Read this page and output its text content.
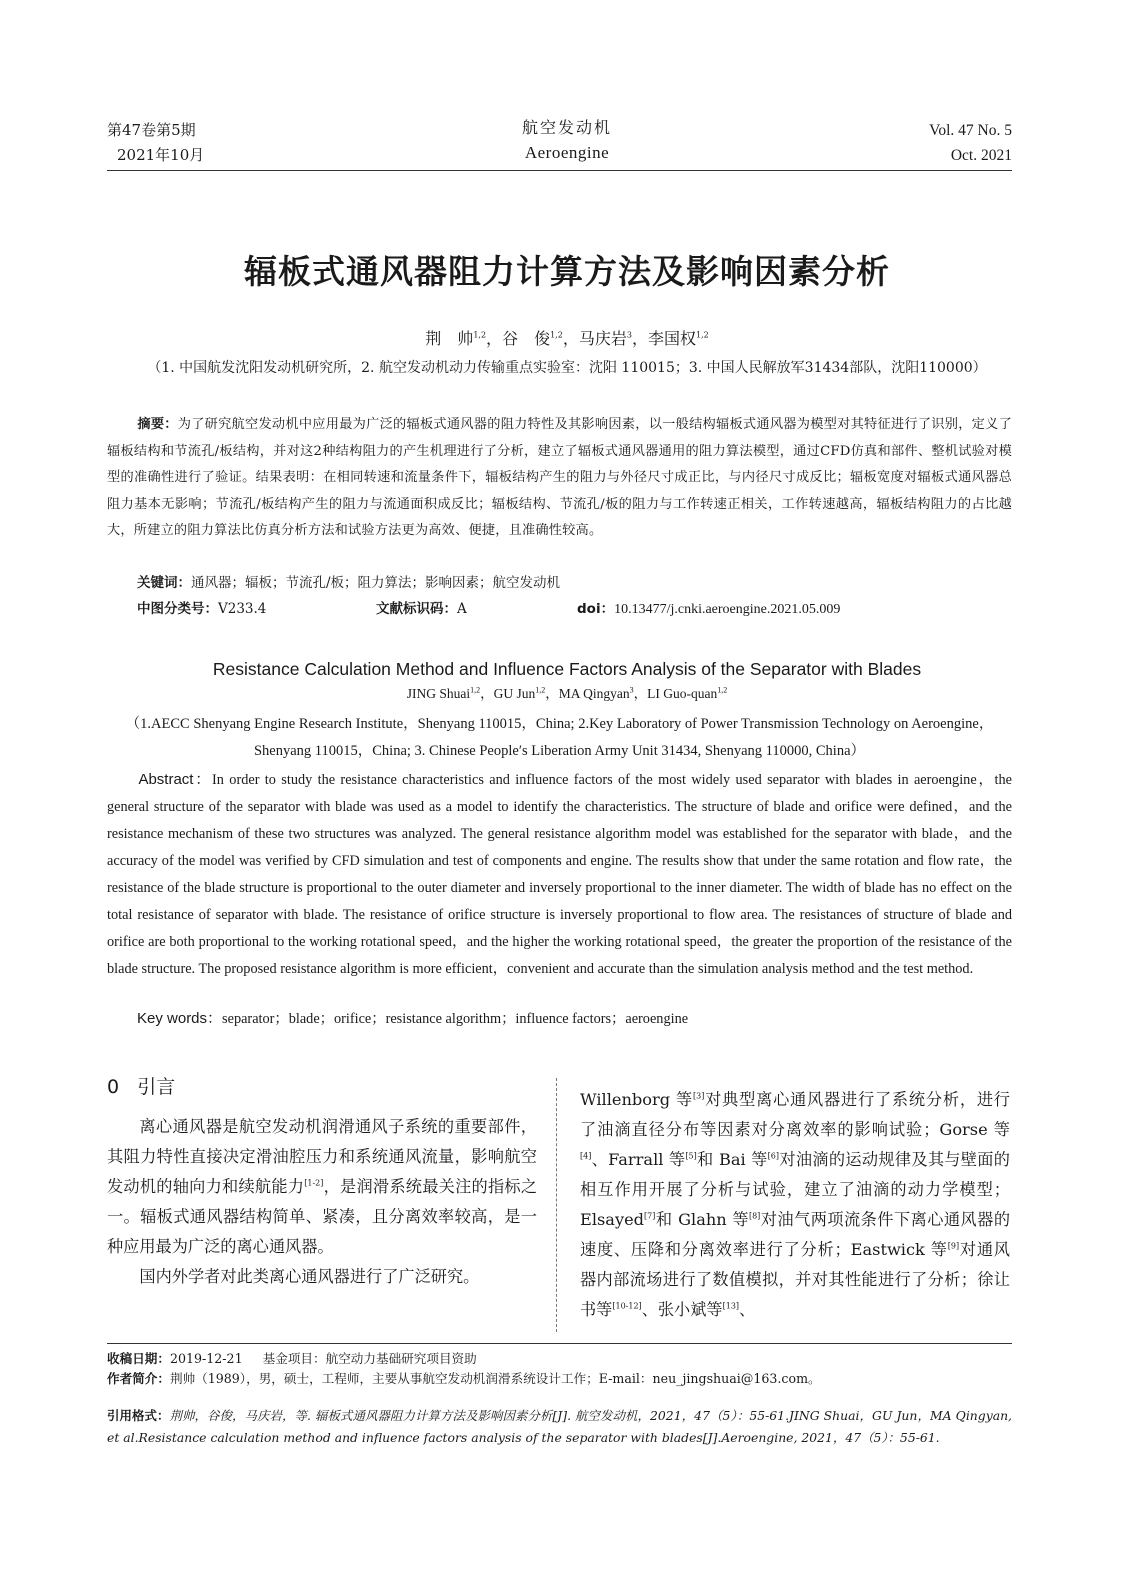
第47卷第5期
2021年10月
航空发动机
Aeroengine
Vol. 47 No. 5
Oct. 2021
辐板式通风器阻力计算方法及影响因素分析
荆　帅$^{1,2}$，谷　俊$^{1,2}$，马庆岩$^3$，李国权$^{1,2}$
（1. 中国航发沈阳发动机研究所，2. 航空发动机动力传输重点实验室：沈阳 110015；3. 中国人民解放军31434部队，沈阳110000）
摘要：为了研究航空发动机中应用最为广泛的辐板式通风器的阻力特性及其影响因素，以一般结构辐板式通风器为模型对其特征进行了识别，定义了辐板结构和节流孔/板结构，并对这2种结构阻力的产生机理进行了分析，建立了辐板式通风器通用的阻力算法模型，通过CFD仿真和部件、整机试验对模型的准确性进行了验证。结果表明：在相同转速和流量条件下，辐板结构产生的阻力与外径尺寸成正比，与内径尺寸成反比；辐板宽度对辐板式通风器总阻力基本无影响；节流孔/板结构产生的阻力与流通面积成反比；辐板结构、节流孔/板的阻力与工作转速正相关，工作转速越高，辐板结构阻力的占比越大，所建立的阻力算法比仿真分析方法和试验方法更为高效、便捷，且准确性较高。
关键词：通风器；辐板；节流孔/板；阻力算法；影响因素；航空发动机
中图分类号：V233.4	文献标识码：A	doi：10.13477/j.cnki.aeroengine.2021.05.009
Resistance Calculation Method and Influence Factors Analysis of the Separator with Blades
JING Shuai$^{1,2}$，GU Jun$^{1,2}$，MA Qingyan$^3$，LI Guo-quan$^{1,2}$
（1.AECC Shenyang Engine Research Institute，Shenyang 110015，China; 2.Key Laboratory of Power Transmission Technology on Aeroengine，Shenyang 110015，China; 3. Chinese People′s Liberation Army Unit 31434, Shenyang 110000, China）
Abstract：In order to study the resistance characteristics and influence factors of the most widely used separator with blades in aeroengine，the general structure of the separator with blade was used as a model to identify the characteristics. The structure of blade and orifice were defined，and the resistance mechanism of these two structures was analyzed. The general resistance algorithm model was established for the separator with blade，and the accuracy of the model was verified by CFD simulation and test of components and engine. The results show that under the same rotation and flow rate，the resistance of the blade structure is proportional to the outer diameter and inversely proportional to the inner diameter. The width of blade has no effect on the total resistance of separator with blade. The resistance of orifice structure is inversely proportional to flow area. The resistances of structure of blade and orifice are both proportional to the working rotational speed，and the higher the working rotational speed，the greater the proportion of the resistance of the blade structure. The proposed resistance algorithm is more efficient，convenient and accurate than the simulation analysis method and the test method.
Key words：separator；blade；orifice；resistance algorithm；influence factors；aeroengine
0 引言

离心通风器是航空发动机润滑通风子系统的重要部件，其阻力特性直接决定滑油腔压力和系统通风流量，影响航空发动机的轴向力和续航能力[1-2]，是润滑系统最关注的指标之一。辐板式通风器结构简单、紧凑，且分离效率较高，是一种应用最为广泛的离心通风器。

国内外学者对此类离心通风器进行了广泛研究。

Willenborg 等[3]对典型离心通风器进行了系统分析，进行了油滴直径分布等因素对分离效率的影响试验；Gorse 等[4]、Farrall 等[5]和 Bai 等[6]对油滴的运动规律及其与壁面的相互作用开展了分析与试验，建立了油滴的动力学模型；Elsayed[7]和 Glahn 等[8]对油气两项流条件下离心通风器的速度、压降和分离效率进行了分析；Eastwick 等[9]对通风器内部流场进行了数值模拟，并对其性能进行了分析；徐让书等[10-12]、张小斌等[13]、

收稿日期：2019-12-21 基金项目：航空动力基础研究项目资助
作者简介：荆帅（1989），男，硕士，工程师，主要从事航空发动机润滑系统设计工作；E-mail：neu_jingshuai@163.com。
引用格式：荆帅，谷俊，马庆岩，等. 辐板式通风器阻力计算方法及影响因素分析[J]. 航空发动机，2021，47（5）：55-61.JING Shuai，GU Jun，MA Qingyan, et al.Resistance calculation method and influence factors analysis of the separator with blades[J].Aeroengine, 2021，47（5）：55-61.
